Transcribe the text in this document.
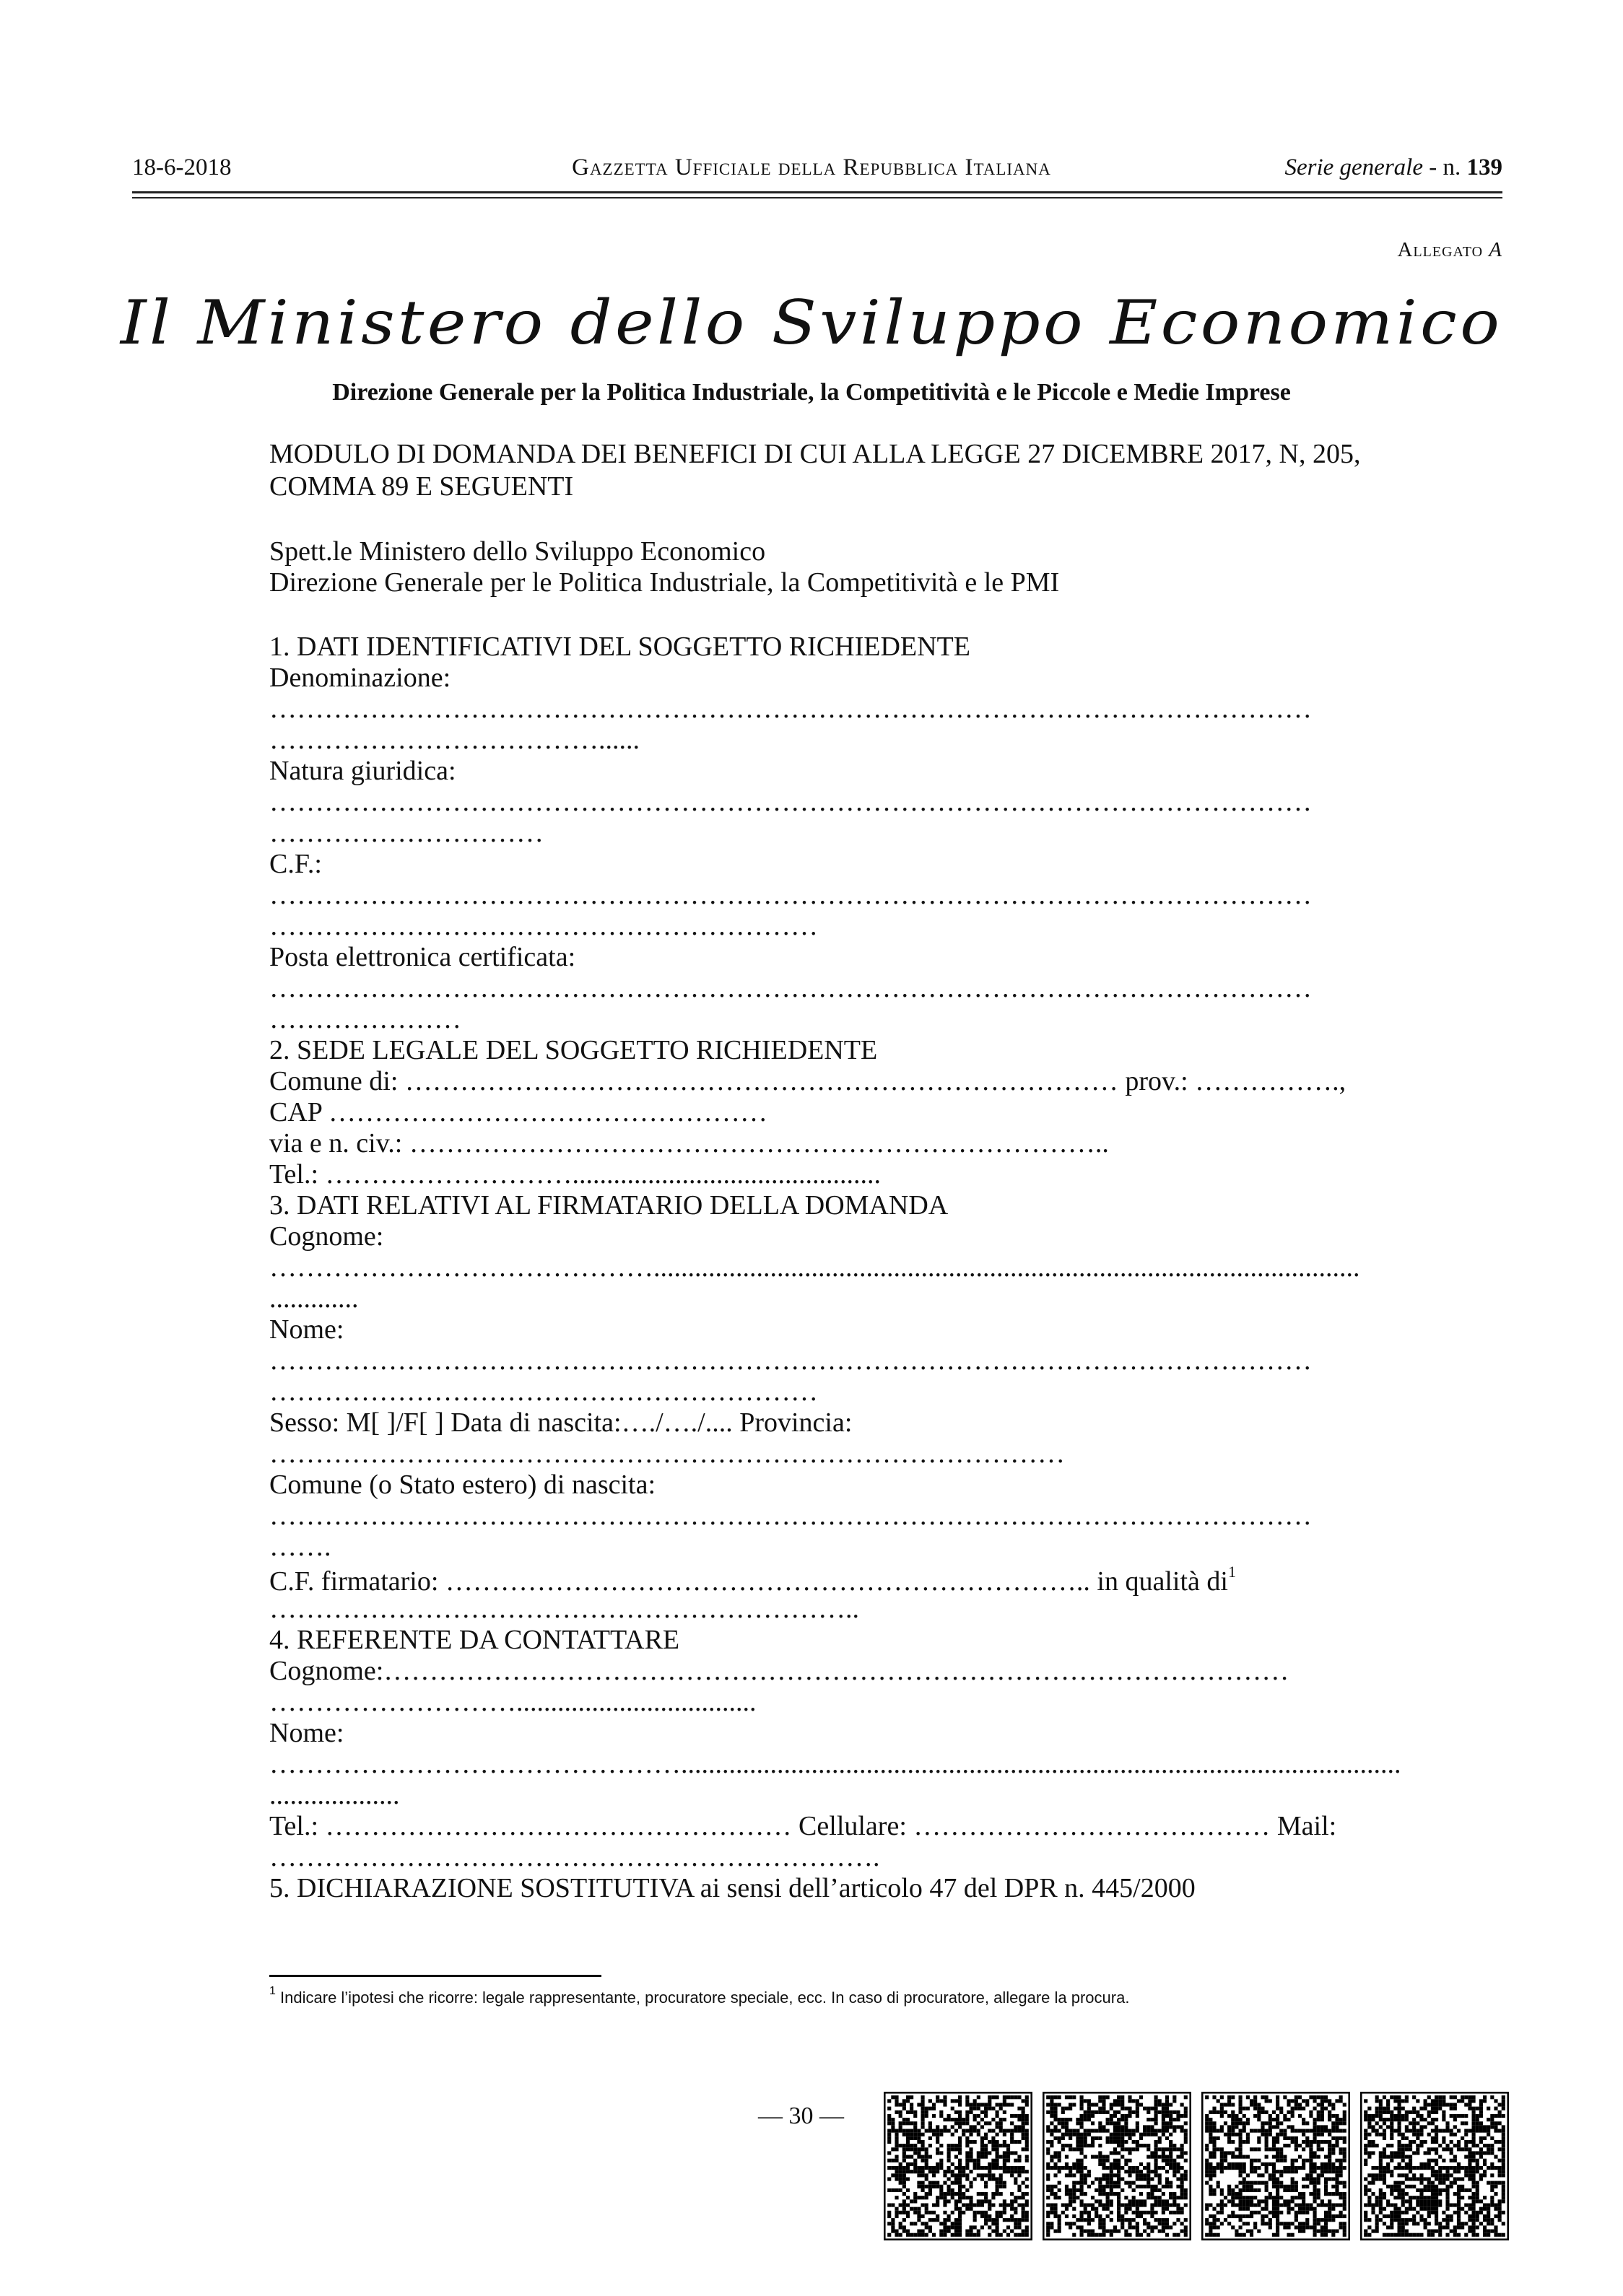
18-6-2018	Gazzetta Ufficiale della Repubblica Italiana	Serie generale - n. 139
Allegato A
Il Ministero dello Sviluppo Economico
Direzione Generale per la Politica Industriale, la Competitività e le Piccole e Medie Imprese
MODULO DI DOMANDA DEI BENEFICI DI CUI ALLA LEGGE 27 DICEMBRE 2017, N, 205,
COMMA 89 E SEGUENTI
Spett.le Ministero dello Sviluppo Economico
Direzione Generale per le Politica Industriale, la Competitività e le PMI
1. DATI IDENTIFICATIVI DEL SOGGETTO RICHIEDENTE
Denominazione:
……………………………………………………………………………………………………
………………………………......
Natura giuridica:
……………………………………………………………………………………………………
…………………………
C.F.:
……………………………………………………………………………………………………
……………………………………………………
Posta elettronica certificata:
……………………………………………………………………………………………………
…………………
2. SEDE LEGALE DEL SOGGETTO RICHIEDENTE
Comune di: …………………………………………………………………… prov.: …………….,
CAP …………………………………………
via e n. civ.: …………………………………………………………………..
Tel.: ……………………….............................................
3. DATI RELATIVI AL FIRMATARIO DELLA DOMANDA
Cognome:
…………………………………….......................................................................................................
.............
Nome:
……………………………………………………………………………………………………
……………………………………………………
Sesso: M[ ]/F[ ] Data di nascita:…./…./.... Provincia:
……………………………………………………………………………
Comune (o Stato estero) di nascita:
……………………………………………………………………………………………………
…….
C.F. firmatario: …………………………………………………………….. in qualità $di^1$
………………………………………………………..
4. REFERENTE DA CONTATTARE
Cognome:………………………………………………………………………………………
………………………...................................
Nome:
……………………………………….........................................................................................................
...................
Tel.: …………………………………………… Cellulare: ………………………………… Mail:
………………………………………………………….
5. DICHIARAZIONE SOSTITUTIVA ai sensi dell’articolo 47 del DPR n. 445/2000
$^1$ Indicare l’ipotesi che ricorre: legale rappresentante, procuratore speciale, ecc. In caso di procuratore, allegare la procura.
— 30 —
